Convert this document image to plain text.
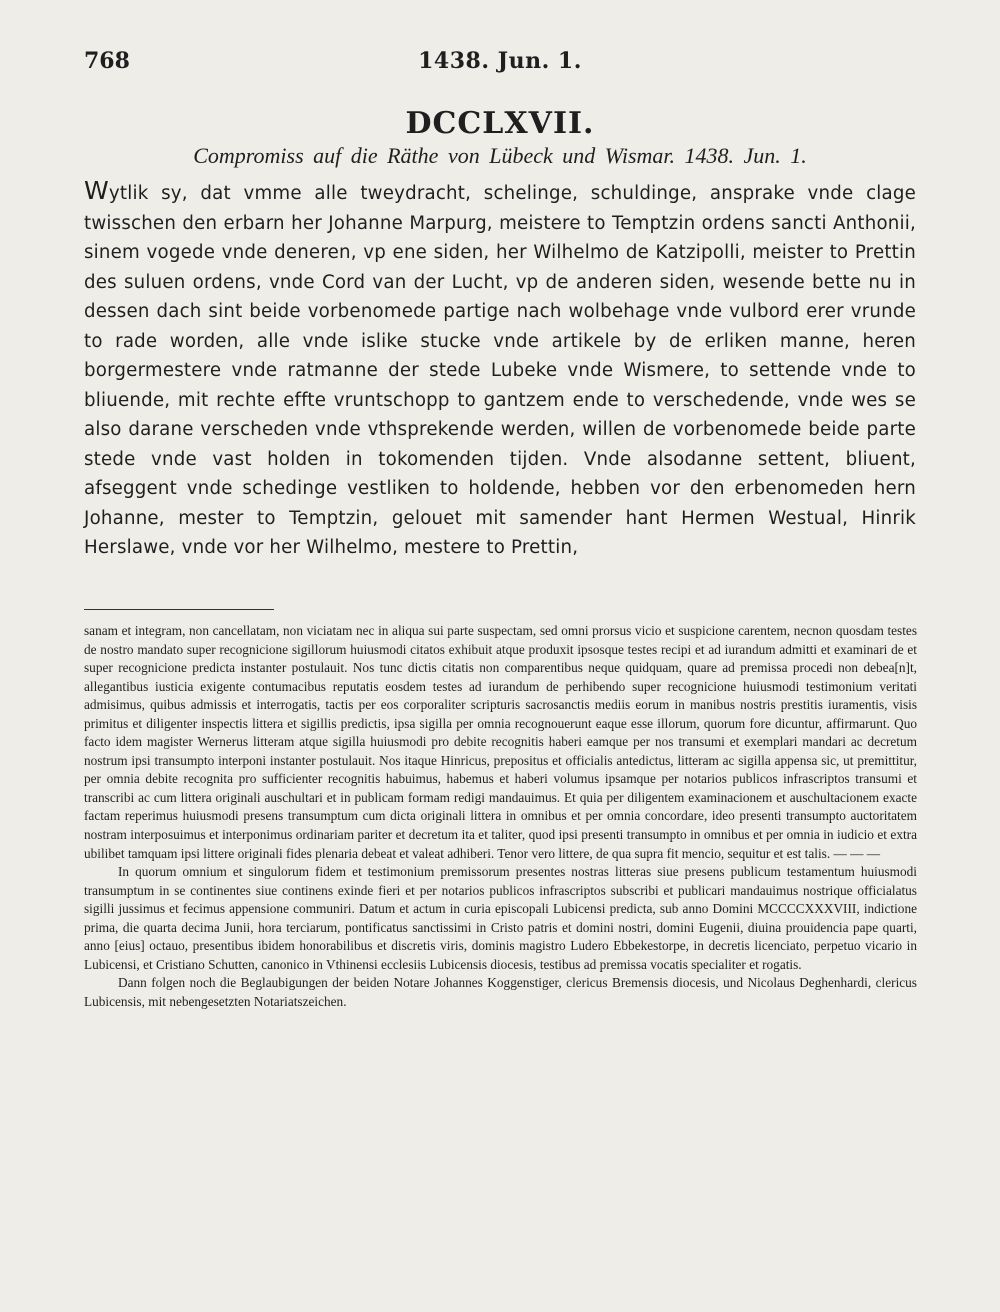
768	1438. Jun. 1.
DCCLXVII.
Compromiss auf die Räthe von Lübeck und Wismar. 1438. Jun. 1.

Wytlik sy, dat vmme alle tweydracht, schelinge, schuldinge, ansprake vnde clage twisschen den erbarn her Johanne Marpurg, meistere to Temptzin ordens sancti Anthonii, sinem vogede vnde deneren, vp ene siden, her Wilhelmo de Katzipolli, meister to Prettin des suluen ordens, vnde Cord van der Lucht, vp de anderen siden, wesende bette nu in dessen dach sint beide vorbenomede partige nach wolbehage vnde vulbord erer vrunde to rade worden, alle vnde islike stucke vnde artikele by de erliken manne, heren borgermestere vnde ratmanne der stede Lubeke vnde Wismere, to settende vnde to bliuende, mit rechte effte vruntschopp to gantzem ende to verschedende, vnde wes se also darane verscheden vnde vthsprekende werden, willen de vorbenomede beide parte stede vnde vast holden in tokomenden tijden. Vnde alsodanne settent, bliuent, afseggent vnde schedinge vestliken to holdende, hebben vor den erbenomeden hern Johanne, mester to Temptzin, gelouet mit samender hant Hermen Westual, Hinrik Herslawe, vnde vor her Wilhelmo, mestere to Prettin,

sanam et integram, non cancellatam, non viciatam nec in aliqua sui parte suspectam, sed omni prorsus vicio et suspicione carentem, necnon quosdam testes de nostro mandato super recognicione sigillorum huiusmodi citatos exhibuit atque produxit ipsosque testes recipi et ad iurandum admitti et examinari de et super recognicione predicta instanter postulauit. Nos tunc dictis citatis non comparentibus neque quidquam, quare ad premissa procedi non debea[n]t, allegantibus iusticia exigente contumacibus reputatis eosdem testes ad iurandum de perhibendo super recognicione huiusmodi testimonium veritati admisimus, quibus admissis et interrogatis, tactis per eos corporaliter scripturis sacrosanctis mediis eorum in manibus nostris prestitis iuramentis, visis primitus et diligenter inspectis littera et sigillis predictis, ipsa sigilla per omnia recognouerunt eaque esse illorum, quorum fore dicuntur, affirmarunt. Quo facto idem magister Wernerus litteram atque sigilla huiusmodi pro debite recognitis haberi eamque per nos transumi et exemplari mandari ac decretum nostrum ipsi transumpto interponi instanter postulauit. Nos itaque Hinricus, prepositus et officialis antedictus, litteram ac sigilla appensa sic, ut premittitur, per omnia debite recognita pro sufficienter recognitis habuimus, habemus et haberi volumus ipsamque per notarios publicos infrascriptos transumi et transcribi ac cum littera originali auschultari et in publicam formam redigi mandauimus. Et quia per diligentem examinacionem et auschultacionem exacte factam reperimus huiusmodi presens transumptum cum dicta originali littera in omnibus et per omnia concordare, ideo presenti transumpto auctoritatem nostram interposuimus et interponimus ordinariam pariter et decretum ita et taliter, quod ipsi presenti transumpto in omnibus et per omnia in iudicio et extra ubilibet tamquam ipsi littere originali fides plenaria debeat et valeat adhiberi. Tenor vero littere, de qua supra fit mencio, sequitur et est talis. — — —

In quorum omnium et singulorum fidem et testimonium premissorum presentes nostras litteras siue presens publicum testamentum huiusmodi transumptum in se continentes siue continens exinde fieri et per notarios publicos infrascriptos subscribi et publicari mandauimus nostrique officialatus sigilli jussimus et fecimus appensione communiri. Datum et actum in curia episcopali Lubicensi predicta, sub anno Domini MCCCCXXXVIII, indictione prima, die quarta decima Junii, hora terciarum, pontificatus sanctissimi in Cristo patris et domini nostri, domini Eugenii, diuina prouidencia pape quarti, anno [eius] octauo, presentibus ibidem honorabilibus et discretis viris, dominis magistro Ludero Ebbekestorpe, in decretis licenciato, perpetuo vicario in Lubicensi, et Cristiano Schutten, canonico in Vthinensi ecclesiis Lubicensis diocesis, testibus ad premissa vocatis specialiter et rogatis.

Dann folgen noch die Beglaubigungen der beiden Notare Johannes Koggenstiger, clericus Bremensis diocesis, und Nicolaus Deghenhardi, clericus Lubicensis, mit nebengesetzten Notariatszeichen.
